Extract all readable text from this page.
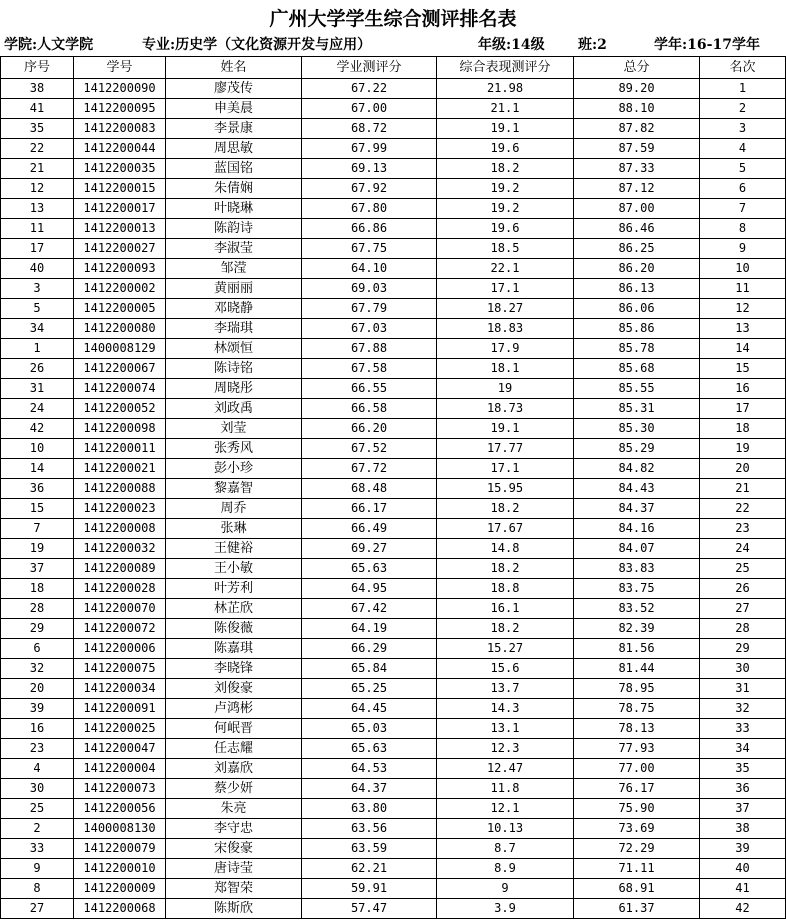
广州大学学生综合测评排名表
学院:人文学院	专业:历史学（文化资源开发与应用）	年级:14级 班:2	学年:16-17学年
序号	学号	姓名	学业测评分	综合表现测评分	总分	名次
38	1412200090	廖茂传	67.22	21.98	89.20	1
41	1412200095	申美晨	67.00	21.1	88.10	2
35	1412200083	李景康	68.72	19.1	87.82	3
22	1412200044	周思敏	67.99	19.6	87.59	4
21	1412200035	蓝国铭	69.13	18.2	87.33	5
12	1412200015	朱倩娴	67.92	19.2	87.12	6
13	1412200017	叶晓琳	67.80	19.2	87.00	7
11	1412200013	陈韵诗	66.86	19.6	86.46	8
17	1412200027	李淑莹	67.75	18.5	86.25	9
40	1412200093	邹滢	64.10	22.1	86.20	10
3	1412200002	黄丽丽	69.03	17.1	86.13	11
5	1412200005	邓晓静	67.79	18.27	86.06	12
34	1412200080	李瑞琪	67.03	18.83	85.86	13
1	1400008129	林颂恒	67.88	17.9	85.78	14
26	1412200067	陈诗铭	67.58	18.1	85.68	15
31	1412200074	周晓彤	66.55	19	85.55	16
24	1412200052	刘政禹	66.58	18.73	85.31	17
42	1412200098	刘莹	66.20	19.1	85.30	18
10	1412200011	张秀风	67.52	17.77	85.29	19
14	1412200021	彭小珍	67.72	17.1	84.82	20
36	1412200088	黎嘉智	68.48	15.95	84.43	21
15	1412200023	周乔	66.17	18.2	84.37	22
7	1412200008	张琳	66.49	17.67	84.16	23
19	1412200032	王健裕	69.27	14.8	84.07	24
37	1412200089	王小敏	65.63	18.2	83.83	25
18	1412200028	叶芳利	64.95	18.8	83.75	26
28	1412200070	林芷欣	67.42	16.1	83.52	27
29	1412200072	陈俊薇	64.19	18.2	82.39	28
6	1412200006	陈嘉琪	66.29	15.27	81.56	29
32	1412200075	李晓锋	65.84	15.6	81.44	30
20	1412200034	刘俊豪	65.25	13.7	78.95	31
39	1412200091	卢鸿彬	64.45	14.3	78.75	32
16	1412200025	何岷晋	65.03	13.1	78.13	33
23	1412200047	任志耀	65.63	12.3	77.93	34
4	1412200004	刘嘉欣	64.53	12.47	77.00	35
30	1412200073	蔡少妍	64.37	11.8	76.17	36
25	1412200056	朱亮	63.80	12.1	75.90	37
2	1400008130	李守忠	63.56	10.13	73.69	38
33	1412200079	宋俊豪	63.59	8.7	72.29	39
9	1412200010	唐诗莹	62.21	8.9	71.11	40
8	1412200009	郑智荣	59.91	9	68.91	41
27	1412200068	陈斯欣	57.47	3.9	61.37	42
